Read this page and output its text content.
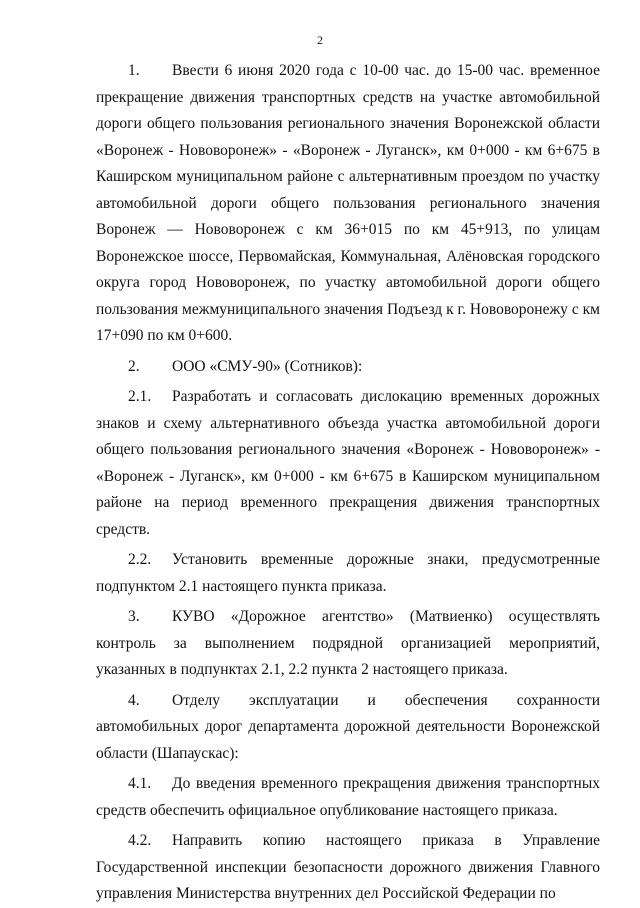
2

1. Ввести 6 июня 2020 года с 10-00 час. до 15-00 час. временное прекращение движения транспортных средств на участке автомобильной дороги общего пользования регионального значения Воронежской области «Воронеж - Нововоронеж» - «Воронеж - Луганск», км 0+000 - км 6+675 в Каширском муниципальном районе с альтернативным проездом по участку автомобильной дороги общего пользования регионального значения Воронеж — Нововоронеж с км 36+015 по км 45+913, по улицам Воронежское шоссе, Первомайская, Коммунальная, Алёновская городского округа город Нововоронеж, по участку автомобильной дороги общего пользования межмуниципального значения Подъезд к г. Нововоронежу с км 17+090 по км 0+600.

2. ООО «СМУ-90» (Сотников):

2.1. Разработать и согласовать дислокацию временных дорожных знаков и схему альтернативного объезда участка автомобильной дороги общего пользования регионального значения «Воронеж - Нововоронеж» - «Воронеж - Луганск», км 0+000 - км 6+675 в Каширском муниципальном районе на период временного прекращения движения транспортных средств.

2.2. Установить временные дорожные знаки, предусмотренные подпунктом 2.1 настоящего пункта приказа.

3. КУВО «Дорожное агентство» (Матвиенко) осуществлять контроль за выполнением подрядной организацией мероприятий, указанных в подпунктах 2.1, 2.2 пункта 2 настоящего приказа.

4. Отделу эксплуатации и обеспечения сохранности автомобильных дорог департамента дорожной деятельности Воронежской области (Шапаускас):

4.1. До введения временного прекращения движения транспортных средств обеспечить официальное опубликование настоящего приказа.

4.2. Направить копию настоящего приказа в Управление Государственной инспекции безопасности дорожного движения Главного управления Министерства внутренних дел Российской Федерации по
